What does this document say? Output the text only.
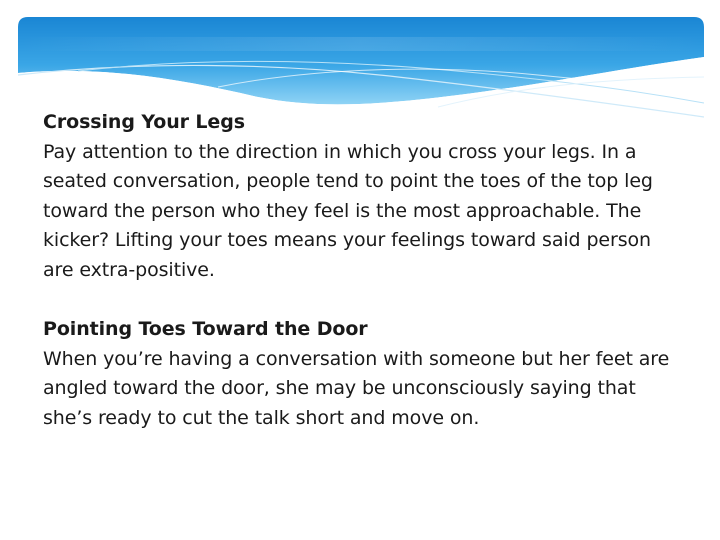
Crossing Your Legs

Pay attention to the direction in which you cross your legs. In a seated conversation, people tend to point the toes of the top leg toward the person who they feel is the most approachable. The kicker? Lifting your toes means your feelings toward said person are extra-positive.

Pointing Toes Toward the Door

When you’re having a conversation with someone but her feet are angled toward the door, she may be unconsciously saying that she’s ready to cut the talk short and move on.
